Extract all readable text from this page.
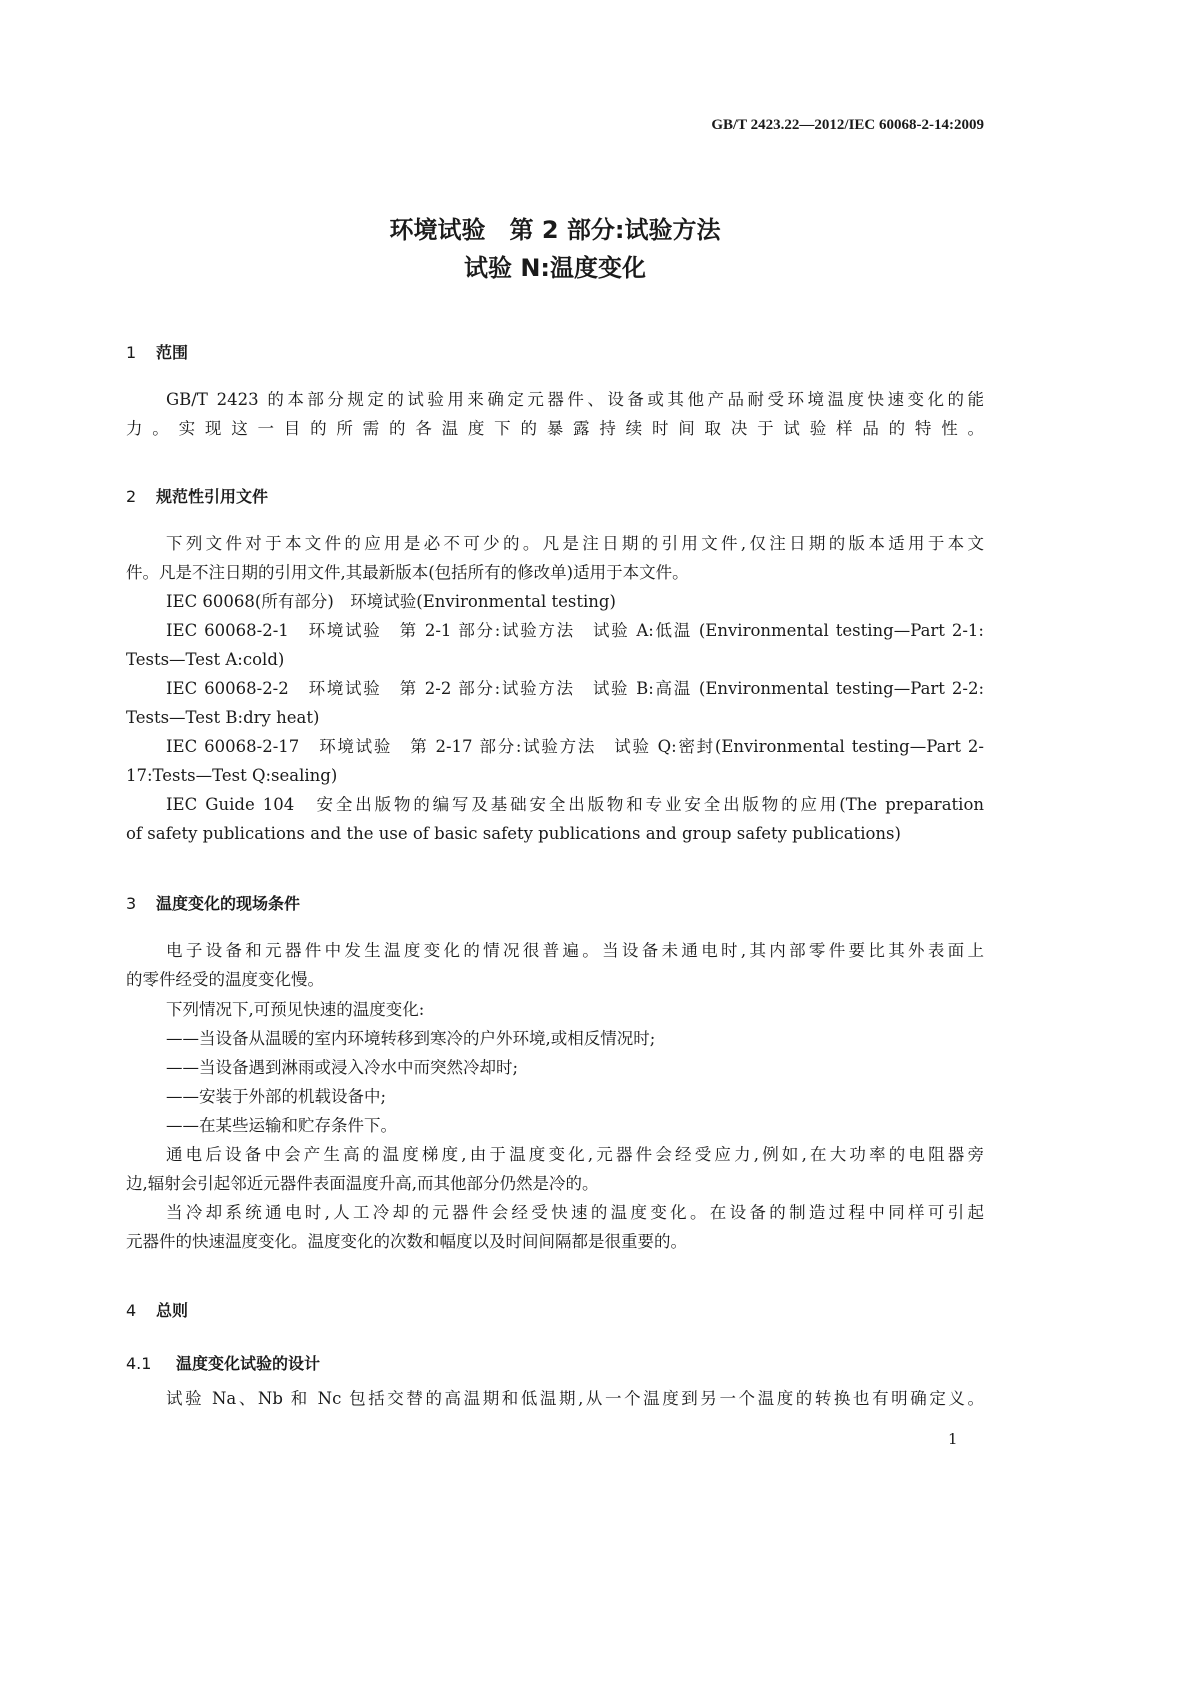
GB/T 2423.22—2012/IEC 60068-2-14:2009
环境试验　第 2 部分:试验方法
试验 N:温度变化
1 范围
GB/T 2423 的本部分规定的试验用来确定元器件、设备或其他产品耐受环境温度快速变化的能
力。实现这一目的所需的各温度下的暴露持续时间取决于试验样品的特性。
2 规范性引用文件
下列文件对于本文件的应用是必不可少的。凡是注日期的引用文件,仅注日期的版本适用于本文
件。凡是不注日期的引用文件,其最新版本(包括所有的修改单)适用于本文件。
IEC 60068(所有部分)　环境试验(Environmental testing)
IEC 60068-2-1　环境试验　第 2-1 部分:试验方法　试验 A:低温 (Environmental testing—Part 2-1:
Tests—Test A:cold)
IEC 60068-2-2　环境试验　第 2-2 部分:试验方法　试验 B:高温 (Environmental testing—Part 2-2:
Tests—Test B:dry heat)
IEC 60068-2-17　环境试验　第 2-17 部分:试验方法　试验 Q:密封(Environmental testing—Part 2-
17:Tests—Test Q:sealing)
IEC Guide 104　安全出版物的编写及基础安全出版物和专业安全出版物的应用(The preparation
of safety publications and the use of basic safety publications and group safety publications)
3 温度变化的现场条件
电子设备和元器件中发生温度变化的情况很普遍。当设备未通电时,其内部零件要比其外表面上
的零件经受的温度变化慢。
下列情况下,可预见快速的温度变化:
——当设备从温暖的室内环境转移到寒冷的户外环境,或相反情况时;
——当设备遇到淋雨或浸入冷水中而突然冷却时;
——安装于外部的机载设备中;
——在某些运输和贮存条件下。
通电后设备中会产生高的温度梯度,由于温度变化,元器件会经受应力,例如,在大功率的电阻器旁
边,辐射会引起邻近元器件表面温度升高,而其他部分仍然是冷的。
当冷却系统通电时,人工冷却的元器件会经受快速的温度变化。在设备的制造过程中同样可引起
元器件的快速温度变化。温度变化的次数和幅度以及时间间隔都是很重要的。
4 总则
4.1 温度变化试验的设计
试验 Na、Nb 和 Nc 包括交替的高温期和低温期,从一个温度到另一个温度的转换也有明确定义。
1
